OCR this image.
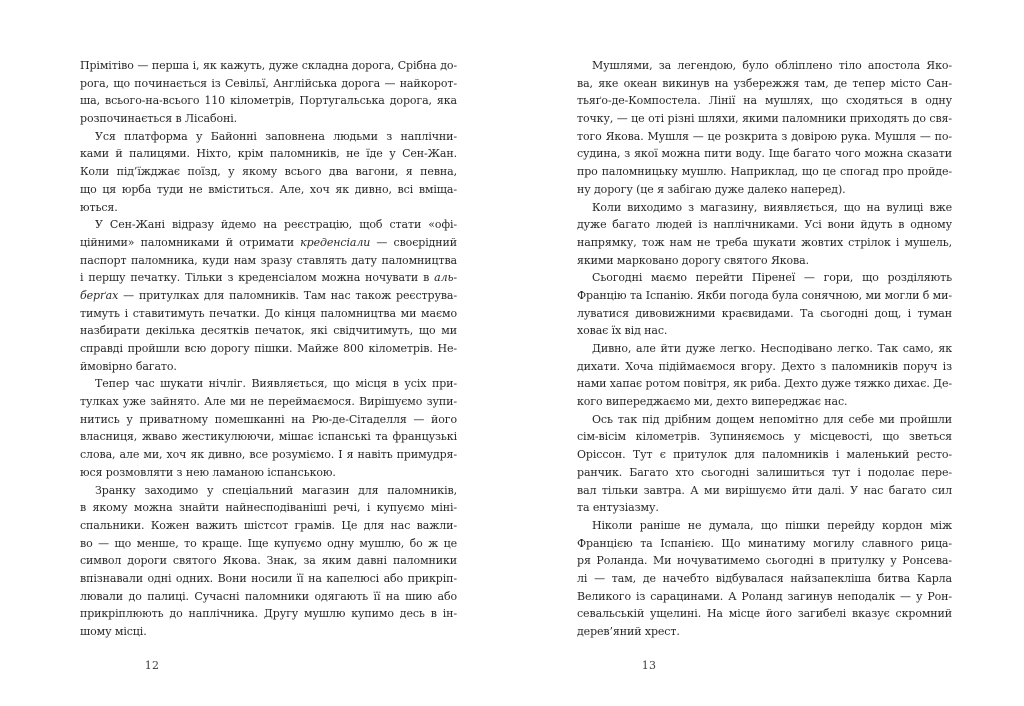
Прімітіво — перша і, як кажуть, дуже складна дорога, Срібна до-
рога, що починається із Севільї, Англійська дорога — найкорот-
ша, всього-на-всього 110 кілометрів, Португальська дорога, яка
розпочинається в Лісабоні.
Уся платформа у Байонні заповнена людьми з наплічни-
ками й палицями. Ніхто, крім паломників, не їде у Сен-Жан.
Коли під’їжджає поїзд, у якому всього два вагони, я певна,
що ця юрба туди не вміститься. Але, хоч як дивно, всі вміща-
ються.
У Сен-Жані відразу йдемо на реєстрацію, щоб стати «офі-
ційними» паломниками й отримати креденсіали — своєрідний
паспорт паломника, куди нам зразу ставлять дату паломництва
і першу печатку. Тільки з креденсіалом можна ночувати в аль-
берґах — притулках для паломників. Там нас також реєструва-
тимуть і ставитимуть печатки. До кінця паломництва ми маємо
назбирати декілька десятків печаток, які свідчитимуть, що ми
справді пройшли всю дорогу пішки. Майже 800 кілометрів. Не-
ймовірно багато.
Тепер час шукати нічліг. Виявляється, що місця в усіх при-
тулках уже зайнято. Але ми не переймаємося. Вирішуємо зупи-
нитись у приватному помешканні на Рю-де-Сітаделля — його
власниця, жваво жестикулюючи, мішає іспанські та французькі
слова, але ми, хоч як дивно, все розуміємо. І я навіть примудря-
юся розмовляти з нею ламаною іспанською.
Зранку заходимо у спеціальний магазин для паломників,
в якому можна знайти найнесподіваніші речі, і купуємо міні-
спальники. Кожен важить шістсот грамів. Це для нас важли-
во — що менше, то краще. Іще купуємо одну мушлю, бо ж це
символ дороги святого Якова. Знак, за яким давні паломники
впізнавали одні одних. Вони носили її на капелюсі або прикріп-
лювали до палиці. Сучасні паломники одягають її на шию або
прикріплюють до наплічника. Другу мушлю купимо десь в ін-
шому місці.
Мушлями, за легендою, було обліплено тіло апостола Яко-
ва, яке океан викинув на узбережжя там, де тепер місто Сан-
тьяґо-де-Компостела. Лінії на мушлях, що сходяться в одну
точку, — це оті різні шляхи, якими паломники приходять до свя-
того Якова. Мушля — це розкрита з довірою рука. Мушля — по-
судина, з якої можна пити воду. Іще багато чого можна сказати
про паломницьку мушлю. Наприклад, що це спогад про пройде-
ну дорогу (це я забігаю дуже далеко наперед).
Коли виходимо з магазину, виявляється, що на вулиці вже
дуже багато людей із наплічниками. Усі вони йдуть в одному
напрямку, тож нам не треба шукати жовтих стрілок і мушель,
якими марковано дорогу святого Якова.
Сьогодні маємо перейти Піренеї — гори, що розділяють
Францію та Іспанію. Якби погода була сонячною, ми могли б ми-
луватися дивовижними краєвидами. Та сьогодні дощ, і туман
ховає їх від нас.
Дивно, але йти дуже легко. Несподівано легко. Так само, як
дихати. Хоча підіймаємося вгору. Дехто з паломників поруч із
нами хапає ротом повітря, як риба. Дехто дуже тяжко дихає. Де-
кого випереджаємо ми, дехто випереджає нас.
Ось так під дрібним дощем непомітно для себе ми пройшли
сім-вісім кілометрів. Зупиняємось у місцевості, що зветься
Оріссон. Тут є притулок для паломників і маленький ресто-
ранчик. Багато хто сьогодні залишиться тут і подолає пере-
вал тільки завтра. А ми вирішуємо йти далі. У нас багато сил
та ентузіазму.
Ніколи раніше не думала, що пішки перейду кордон між
Францією та Іспанією. Що минатиму могилу славного рица-
ря Роланда. Ми ночуватимемо сьогодні в притулку у Ронсева-
лі — там, де начебто відбувалася найзапекліша битва Карла
Великого із сарацинами. А Роланд загинув неподалік — у Рон-
севальській ущелині. На місце його загибелі вказує скромний
дерев’яний хрест.
12	13
